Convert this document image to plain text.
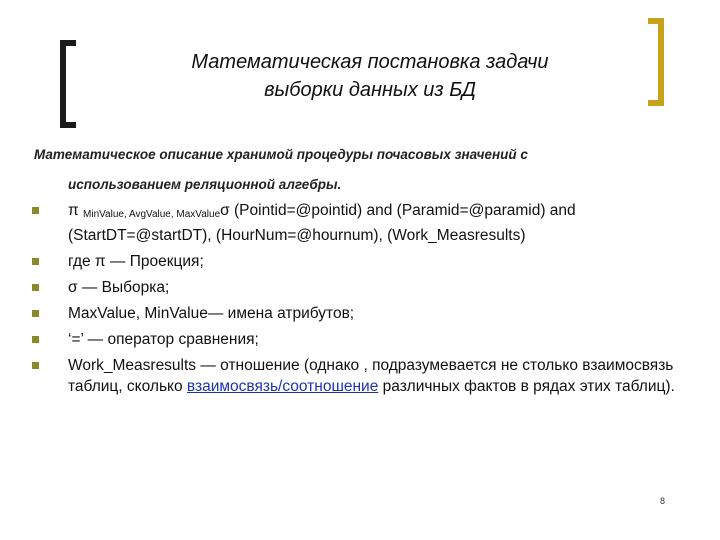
Математическая постановка задачи
выборки данных из БД
Математическое описание хранимой процедуры почасовых значений с
использованием реляционной алгебры.
π $_{MinValue, AvgValue, MaxValue}$σ (Pointid=@pointid) and (Paramid=@paramid) and (StartDT=@startDT), (HourNum=@hournum), (Work_Measresults)
где π — Проекция;
σ — Выборка;
MaxValue, MinValue— имена атрибутов;
‘=’ — оператор сравнения;
Work_Measresults — отношение (однако , подразумевается не столько взаимосвязь таблиц, сколько взаимосвязь/соотношение различных фактов в рядах этих таблиц).
8
